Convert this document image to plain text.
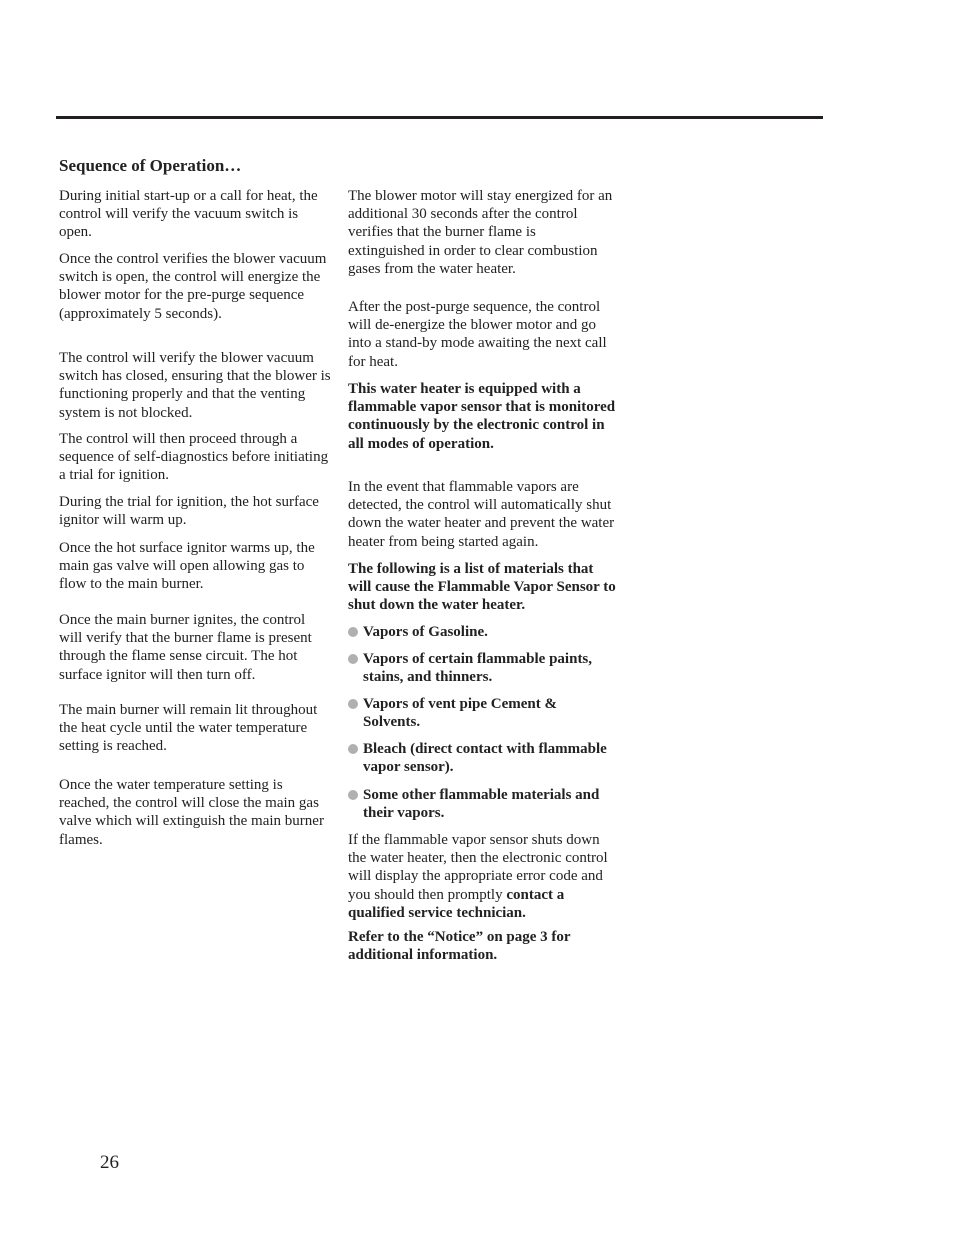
Sequence of Operation…

During initial start-up or a call for heat, the control will verify the vacuum switch is open.

Once the control verifies the blower vacuum switch is open, the control will energize the blower motor for the pre-purge sequence (approximately 5 seconds).

The control will verify the blower vacuum switch has closed, ensuring that the blower is functioning properly and that the venting system is not blocked.

The control will then proceed through a sequence of self-diagnostics before initiating a trial for ignition.

During the trial for ignition, the hot surface ignitor will warm up.

Once the hot surface ignitor warms up, the main gas valve will open allowing gas to flow to the main burner.

Once the main burner ignites, the control will verify that the burner flame is present through the flame sense circuit. The hot surface ignitor will then turn off.

The main burner will remain lit throughout the heat cycle until the water temperature setting is reached.

Once the water temperature setting is reached, the control will close the main gas valve which will extinguish the main burner flames.

The blower motor will stay energized for an additional 30 seconds after the control verifies that the burner flame is extinguished in order to clear combustion gases from the water heater.

After the post-purge sequence, the control will de-energize the blower motor and go into a stand-by mode awaiting the next call for heat.

This water heater is equipped with a flammable vapor sensor that is monitored continuously by the electronic control in all modes of operation.

In the event that flammable vapors are detected, the control will automatically shut down the water heater and prevent the water heater from being started again.

The following is a list of materials that will cause the Flammable Vapor Sensor to shut down the water heater.

Vapors of Gasoline.
Vapors of certain flammable paints, stains, and thinners.
Vapors of vent pipe Cement & Solvents.
Bleach (direct contact with flammable vapor sensor).
Some other flammable materials and their vapors.

If the flammable vapor sensor shuts down the water heater, then the electronic control will display the appropriate error code and you should then promptly contact a qualified service technician.

Refer to the “Notice” on page 3 for additional information.

26
